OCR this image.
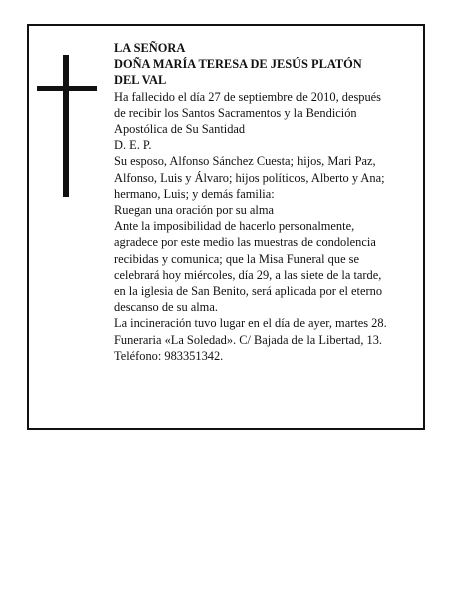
LA SEÑORA
DOÑA MARÍA TERESA DE JESÚS PLATÓN
DEL VAL
Ha fallecido el día 27 de septiembre de 2010, después
de recibir los Santos Sacramentos y la Bendición
Apostólica de Su Santidad
D. E. P.
Su esposo, Alfonso Sánchez Cuesta; hijos, Mari Paz,
Alfonso, Luis y Álvaro; hijos políticos, Alberto y Ana;
hermano, Luis; y demás familia:
Ruegan una oración por su alma
Ante la imposibilidad de hacerlo personalmente,
agradece por este medio las muestras de condolencia
recibidas y comunica; que la Misa Funeral que se
celebrará hoy miércoles, día 29, a las siete de la tarde,
en la iglesia de San Benito, será aplicada por el eterno
descanso de su alma.
La incineración tuvo lugar en el día de ayer, martes 28.
Funeraria «La Soledad». C/ Bajada de la Libertad, 13.
Teléfono: 983351342.
